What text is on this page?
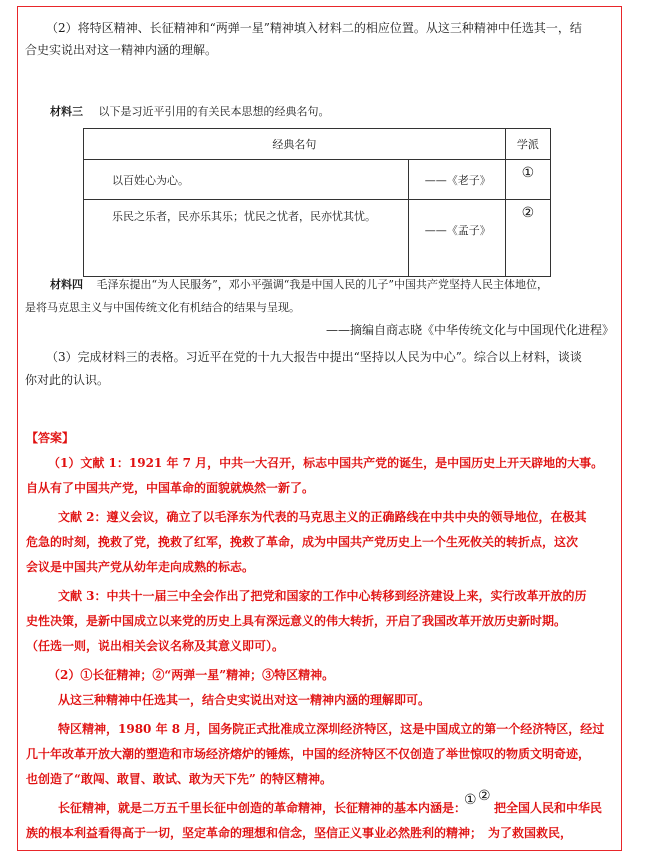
（2）将特区精神、长征精神和“两弹一星”精神填入材料二的相应位置。从这三种精神中任选其一，结

合史实说出对这一精神内涵的理解。

材料三 以下是习近平引用的有关民本思想的经典名句。

经典名句		学派
以百姓心为心。	——《老子》	①
乐民之乐者，民亦乐其乐；忧民之忧者，民亦忧其忧。	——《孟子》	②

材料四 毛泽东提出“为人民服务”，邓小平强调“我是中国人民的儿子”中国共产党坚持人民主体地位，

是将马克思主义与中国传统文化有机结合的结果与呈现。

——摘编自商志晓《中华传统文化与中国现代化进程》

（3）完成材料三的表格。习近平在党的十九大报告中提出“坚持以人民为中心”。综合以上材料，谈谈

你对此的认识。

【答案】

（1）文献 1：1921 年 7 月，中共一大召开，标志中国共产党的诞生，是中国历史上开天辟地的大事。

自从有了中国共产党，中国革命的面貌就焕然一新了。

文献 2：遵义会议，确立了以毛泽东为代表的马克思主义的正确路线在中共中央的领导地位，在极其

危急的时刻，挽救了党，挽救了红军，挽救了革命，成为中国共产党历史上一个生死攸关的转折点，这次

会议是中国共产党从幼年走向成熟的标志。

文献 3：中共十一届三中全会作出了把党和国家的工作中心转移到经济建设上来，实行改革开放的历

史性决策，是新中国成立以来党的历史上具有深远意义的伟大转折，开启了我国改革开放历史新时期。

（任选一则，说出相关会议名称及其意义即可）。

（2）①长征精神；②“两弹一星”精神；③特区精神。

从这三种精神中任选其一，结合史实说出对这一精神内涵的理解即可。

特区精神，1980 年 8 月，国务院正式批准成立深圳经济特区，这是中国成立的第一个经济特区，经过

几十年改革开放大潮的塑造和市场经济熔炉的锤炼，中国的经济特区不仅创造了举世惊叹的物质文明奇迹，

也创造了“敢闯、敢冒、敢试、敢为天下先” 的特区精神。

长征精神，就是二万五千里长征中创造的革命精神，长征精神的基本内涵是：

① ②

把全国人民和中华民

族的根本利益看得高于一切，坚定革命的理想和信念，坚信正义事业必然胜利的精神；　为了救国救民，
